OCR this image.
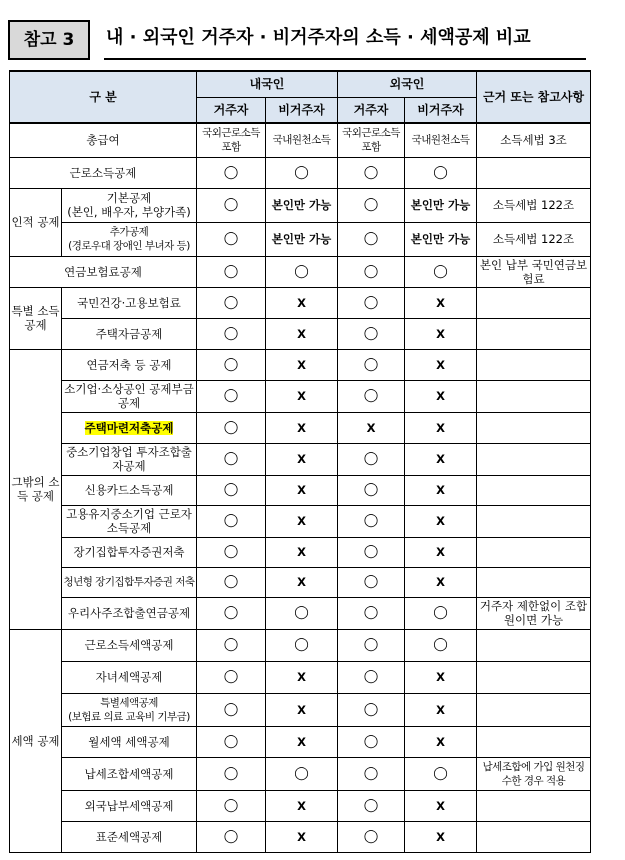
참고 3	내 · 외국인 거주자 · 비거주자의 소득 · 세액공제 비교
구 분		내국인		외국인		근거 또는 참고사항
		거주자	비거주자	거주자	비거주자	
총급여		국외근로소득 포함	국내원천소득	국외근로소득 포함	국내원천소득	소득세법 3조
근로소득공제		◯	◯	◯	◯	
인적 공제	기본공제
(본인, 배우자, 부양가족)	◯	본인만 가능	◯	본인만 가능	소득세법 122조
	추가공제
(경로우대 장애인 부녀자 등)	◯	본인만 가능	◯	본인만 가능	소득세법 122조
연금보험료공제		◯	◯	◯	◯	본인 납부 국민연금보험료
특별 소득 공제	국민건강·고용보험료	◯	X	◯	X	
	주택자금공제	◯	X	◯	X	
그밖의 소득 공제	연금저축 등 공제	◯	X	◯	X	
	소기업·소상공인 공제부금공제	◯	X	◯	X	
	주택마련저축공제	◯	X	X	X	
	중소기업창업 투자조합출자공제	◯	X	◯	X	
	신용카드소득공제	◯	X	◯	X	
	고용유지중소기업 근로자 소득공제	◯	X	◯	X	
	장기집합투자증권저축	◯	X	◯	X	
	청년형 장기집합투자증권 저축	◯	X	◯	X	
	우리사주조합출연금공제	◯	◯	◯	◯	거주자 제한없이 조합원이면 가능
세액 공제	근로소득세액공제	◯	◯	◯	◯	
	자녀세액공제	◯	X	◯	X	
	특별세액공제
(보험료 의료 교육비 기부금)	◯	X	◯	X	
	월세액 세액공제	◯	X	◯	X	
	납세조합세액공제	◯	◯	◯	◯	납세조합에 가입 원천징수한 경우 적용
	외국납부세액공제	◯	X	◯	X	
	표준세액공제	◯	X	◯	X	
